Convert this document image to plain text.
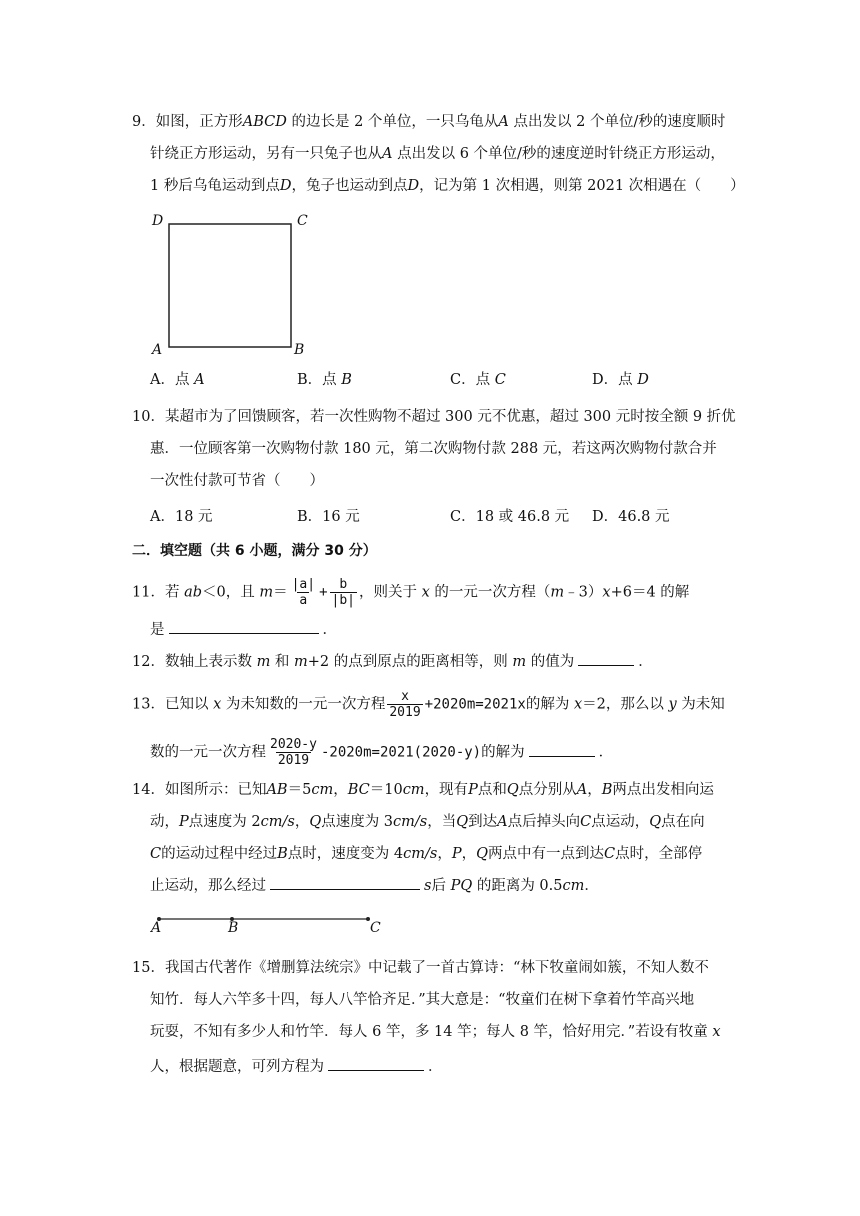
9．如图，正方形ABCD 的边长是 2 个单位，一只乌龟从A 点出发以 2 个单位/秒的速度顺时
针绕正方形运动，另有一只兔子也从A 点出发以 6 个单位/秒的速度逆时针绕正方形运动，
1 秒后乌龟运动到点D，兔子也运动到点D，记为第 1 次相遇，则第 2021 次相遇在（　　）
D	C
A	B
A．点 A	B．点 B	C．点 C	D．点 D
10．某超市为了回馈顾客，若一次性购物不超过 300 元不优惠，超过 300 元时按全额 9 折优
惠．一位顾客第一次购物付款 180 元，第二次购物付款 288 元，若这两次购物付款合并
一次性付款可节省（　　）
A．18 元	B．16 元	C．18 或 46.8 元 D．46.8 元
二．填空题（共 6 小题，满分 30 分）
11．若 ab＜0，且 $m= \frac{|a|}{a} + \frac{b}{|b|}$ ，则关于 x 的一元一次方程（m﹣3）x+6＝4 的解
是	．
12．数轴上表示数 m 和 m+2 的点到原点的距离相等，则 m 的值为	．
13．已知以 x 为未知数的一元一次方程 $\frac{x}{2019} +2020m=2021x$的解为 x＝2，那么以 y 为未知
数的一元一次方程 $\frac{2020-y}{2019} -2020m=2021(2020-y)$的解为	．
14．如图所示：已知AB＝5cm，BC＝10cm，现有P点和Q点分别从A，B两点出发相向运
动，P点速度为 2cm/s，Q点速度为 3cm/s，当Q到达A点后掉头向C点运动，Q点在向
C的运动过程中经过B点时，速度变为 4cm/s，P，Q两点中有一点到达C点时，全部停
止运动，那么经过	s后 PQ 的距离为 0.5cm．
A	B	C
15．我国古代著作《增删算法统宗》中记载了一首古算诗：“林下牧童闹如簇，不知人数不
知竹．每人六竿多十四，每人八竿恰齐足．”其大意是：“牧童们在树下拿着竹竿高兴地
玩耍，不知有多少人和竹竿．每人 6 竿，多 14 竿；每人 8 竿，恰好用完．”若设有牧童 x
人，根据题意，可列方程为	．
